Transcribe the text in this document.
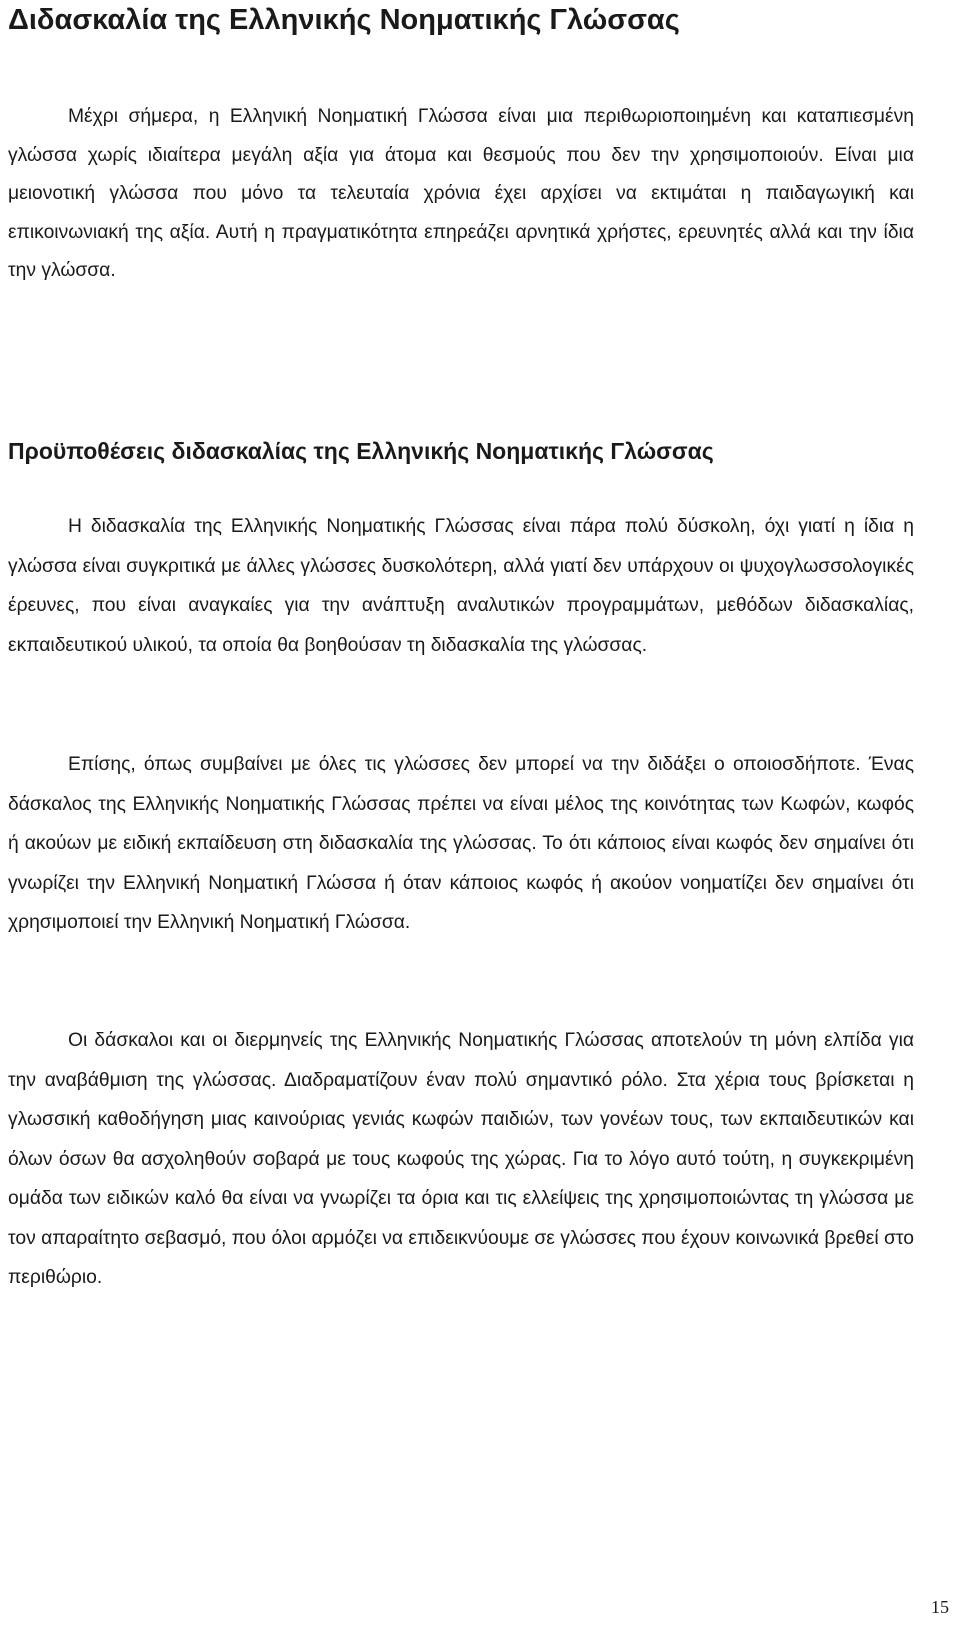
Διδασκαλία της Ελληνικής Νοηματικής Γλώσσας

Μέχρι σήμερα, η Ελληνική Νοηματική Γλώσσα είναι μια περιθωριοποιημένη και καταπιεσμένη γλώσσα χωρίς ιδιαίτερα μεγάλη αξία για άτομα και θεσμούς που δεν την χρησιμοποιούν. Είναι μια μειονοτική γλώσσα που μόνο τα τελευταία χρόνια έχει αρχίσει να εκτιμάται η παιδαγωγική και επικοινωνιακή της αξία. Αυτή η πραγματικότητα επηρεάζει αρνητικά χρήστες, ερευνητές αλλά και την ίδια την γλώσσα.

Προϋποθέσεις διδασκαλίας της Ελληνικής Νοηματικής Γλώσσας

Η διδασκαλία της Ελληνικής Νοηματικής Γλώσσας είναι πάρα πολύ δύσκολη, όχι γιατί η ίδια η γλώσσα είναι συγκριτικά με άλλες γλώσσες δυσκολότερη, αλλά γιατί δεν υπάρχουν οι ψυχογλωσσολογικές έρευνες, που είναι αναγκαίες για την ανάπτυξη αναλυτικών προγραμμάτων, μεθόδων διδασκαλίας, εκπαιδευτικού υλικού, τα οποία θα βοηθούσαν τη διδασκαλία της γλώσσας.

Επίσης, όπως συμβαίνει με όλες τις γλώσσες δεν μπορεί να την διδάξει ο οποιοσδήποτε. Ένας δάσκαλος της Ελληνικής Νοηματικής Γλώσσας πρέπει να είναι μέλος της κοινότητας των Κωφών, κωφός ή ακούων με ειδική εκπαίδευση στη διδασκαλία της γλώσσας. Το ότι κάποιος είναι κωφός δεν σημαίνει ότι γνωρίζει την Ελληνική Νοηματική Γλώσσα ή όταν κάποιος κωφός ή ακούον νοηματίζει δεν σημαίνει ότι χρησιμοποιεί την Ελληνική Νοηματική Γλώσσα.

Οι δάσκαλοι και οι διερμηνείς της Ελληνικής Νοηματικής Γλώσσας αποτελούν τη μόνη ελπίδα για την αναβάθμιση της γλώσσας. Διαδραματίζουν έναν πολύ σημαντικό ρόλο. Στα χέρια τους βρίσκεται η γλωσσική καθοδήγηση μιας καινούριας γενιάς κωφών παιδιών, των γονέων τους, των εκπαιδευτικών και όλων όσων θα ασχοληθούν σοβαρά με τους κωφούς της χώρας. Για το λόγο αυτό τούτη, η συγκεκριμένη ομάδα των ειδικών καλό θα είναι να γνωρίζει τα όρια και τις ελλείψεις της χρησιμοποιώντας τη γλώσσα με τον απαραίτητο σεβασμό, που όλοι αρμόζει να επιδεικνύουμε σε γλώσσες που έχουν κοινωνικά βρεθεί στο περιθώριο.

15
